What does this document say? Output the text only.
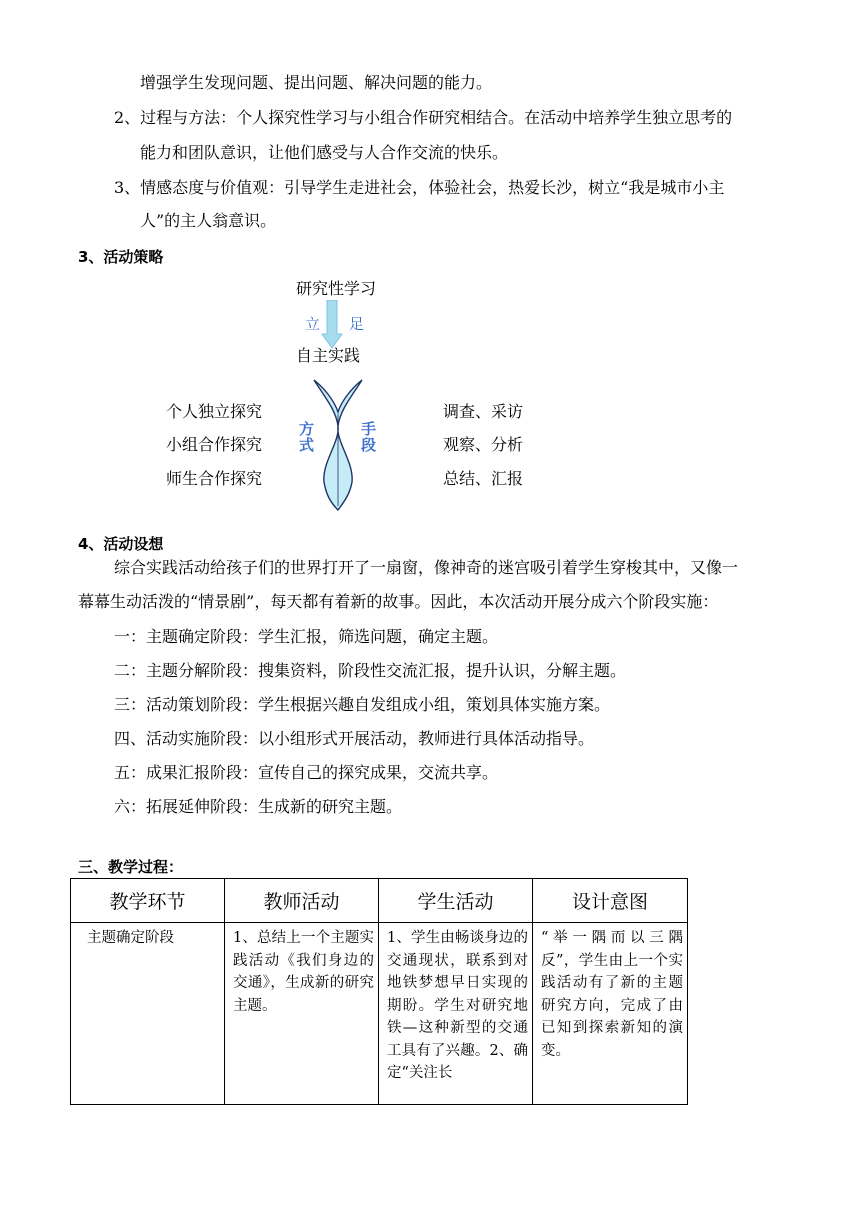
增强学生发现问题、提出问题、解决问题的能力。
2、过程与方法：个人探究性学习与小组合作研究相结合。在活动中培养学生独立思考的
能力和团队意识，让他们感受与人合作交流的快乐。
3、情感态度与价值观：引导学生走进社会，体验社会，热爱长沙，树立“我是城市小主
人”的主人翁意识。
3、活动策略
研究性学习
立 足
自主实践
方
式
手
段
个人独立探究
小组合作探究
师生合作探究
调查、采访
观察、分析
总结、汇报
4、活动设想
综合实践活动给孩子们的世界打开了一扇窗，像神奇的迷宫吸引着学生穿梭其中，又像一
幕幕生动活泼的“情景剧”，每天都有着新的故事。因此，本次活动开展分成六个阶段实施：
一：主题确定阶段：学生汇报，筛选问题，确定主题。
二：主题分解阶段：搜集资料，阶段性交流汇报，提升认识，分解主题。
三：活动策划阶段：学生根据兴趣自发组成小组，策划具体实施方案。
四、活动实施阶段：以小组形式开展活动，教师进行具体活动指导。
五：成果汇报阶段：宣传自己的探究成果，交流共享。
六：拓展延伸阶段：生成新的研究主题。
三、教学过程：
教学环节	教师活动	学生活动	设计意图

主题确定阶段	1、总结上一个主题实践活动《我们身边的交通》，生成新的研究主题。	1、学生由畅谈身边的交通现状，联系到对地铁梦想早日实现的期盼。学生对研究地铁—这种新型的交通工具有了兴趣。2、确定“关注长	“举一隅而以三隅反”，学生由上一个实践活动有了新的主题研究方向，完成了由已知到探索新知的演变。
